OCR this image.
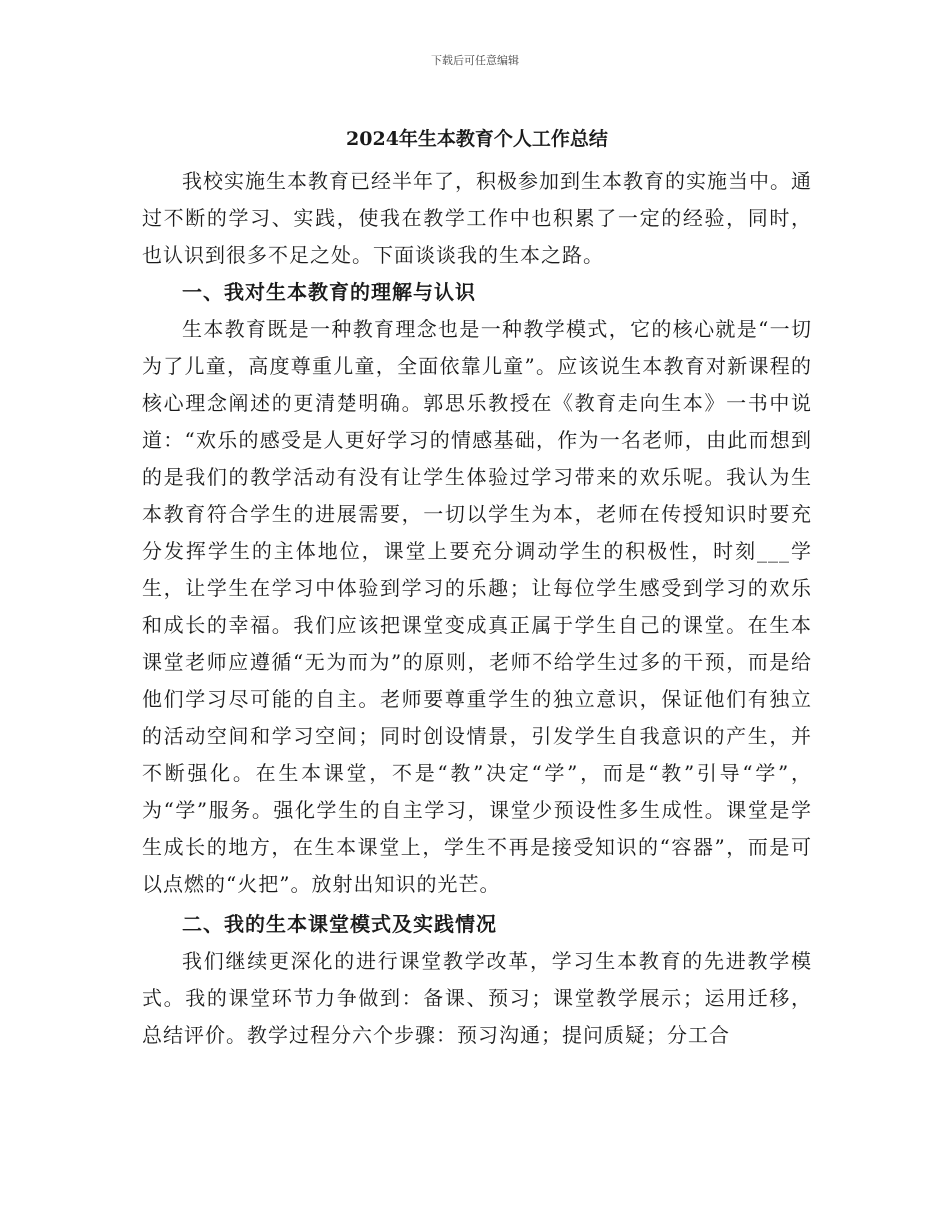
下载后可任意编辑
2024年生本教育个人工作总结

我校实施生本教育已经半年了，积极参加到生本教育的实施当中。通过不断的学习、实践，使我在教学工作中也积累了一定的经验，同时，也认识到很多不足之处。下面谈谈我的生本之路。

一、我对生本教育的理解与认识

生本教育既是一种教育理念也是一种教学模式，它的核心就是“一切为了儿童，高度尊重儿童，全面依靠儿童”。应该说生本教育对新课程的核心理念阐述的更清楚明确。郭思乐教授在《教育走向生本》一书中说道：“欢乐的感受是人更好学习的情感基础，作为一名老师，由此而想到的是我们的教学活动有没有让学生体验过学习带来的欢乐呢。我认为生本教育符合学生的进展需要，一切以学生为本，老师在传授知识时要充分发挥学生的主体地位，课堂上要充分调动学生的积极性，时刻___学生，让学生在学习中体验到学习的乐趣；让每位学生感受到学习的欢乐和成长的幸福。我们应该把课堂变成真正属于学生自己的课堂。在生本课堂老师应遵循“无为而为”的原则，老师不给学生过多的干预，而是给他们学习尽可能的自主。老师要尊重学生的独立意识，保证他们有独立的活动空间和学习空间；同时创设情景，引发学生自我意识的产生，并不断强化。在生本课堂，不是“教”决定“学”，而是“教”引导“学”，为“学”服务。强化学生的自主学习，课堂少预设性多生成性。课堂是学生成长的地方，在生本课堂上，学生不再是接受知识的“容器”，而是可以点燃的“火把”。放射出知识的光芒。

二、我的生本课堂模式及实践情况

我们继续更深化的进行课堂教学改革，学习生本教育的先进教学模式。我的课堂环节力争做到：备课、预习；课堂教学展示；运用迁移，总结评价。教学过程分六个步骤：预习沟通；提问质疑；分工合
